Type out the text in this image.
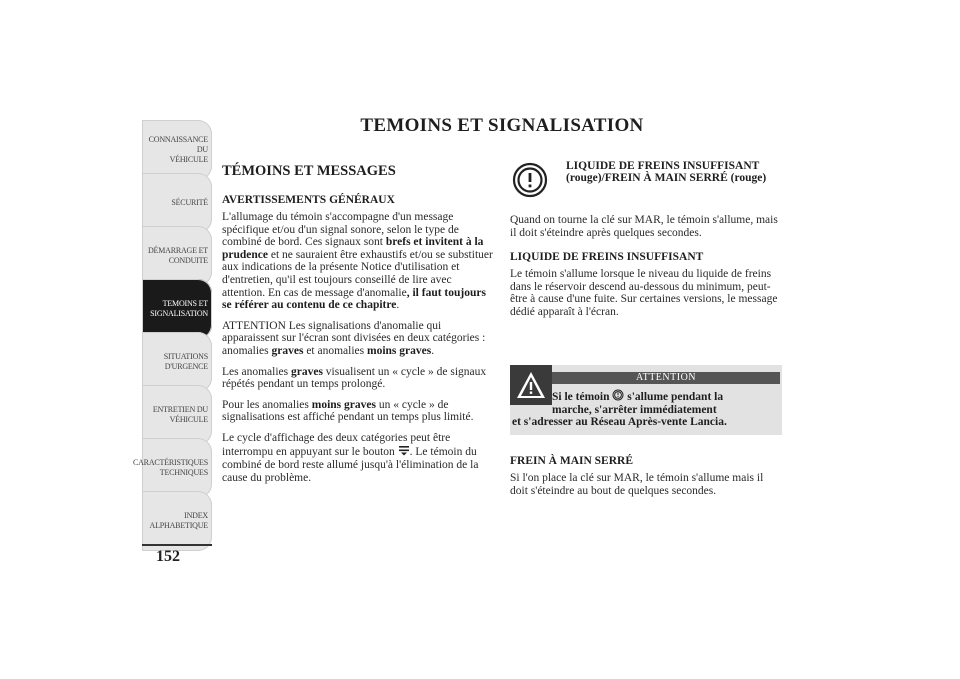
CONNAISSANCE DU
VÉHICULE
SÉCURITÉ
DÉMARRAGE ET
CONDUITE
TEMOINS ET
SIGNALISATION
SITUATIONS
D'URGENCE
ENTRETIEN DU
VÉHICULE
CARACTÉRISTIQUES
TECHNIQUES
INDEX
ALPHABETIQUE
152
TEMOINS ET SIGNALISATION
TÉMOINS ET MESSAGES
AVERTISSEMENTS GÉNÉRAUX

L'allumage du témoin s'accompagne d'un message spécifique et/ou d'un signal sonore, selon le type de combiné de bord. Ces signaux sont brefs et invitent à la prudence et ne sauraient être exhaustifs et/ou se substituer aux indications de la présente Notice d'utilisation et d'entretien, qu'il est toujours conseillé de lire avec attention. En cas de message d'anomalie, il faut toujours se référer au contenu de ce chapitre.

ATTENTION Les signalisations d'anomalie qui apparaissent sur l'écran sont divisées en deux catégories : anomalies graves et anomalies moins graves.

Les anomalies graves visualisent un « cycle » de signaux répétés pendant un temps prolongé.

Pour les anomalies moins graves un « cycle » de signalisations est affiché pendant un temps plus limité.

Le cycle d'affichage des deux catégories peut être interrompu en appuyant sur le bouton . Le témoin du combiné de bord reste allumé jusqu'à l'élimination de la cause du problème.

LIQUIDE DE FREINS INSUFFISANT (rouge)/FREIN À MAIN SERRÉ (rouge)

Quand on tourne la clé sur MAR, le témoin s'allume, mais il doit s'éteindre après quelques secondes.

LIQUIDE DE FREINS INSUFFISANT

Le témoin s'allume lorsque le niveau du liquide de freins dans le réservoir descend au-dessous du minimum, peut-être à cause d'une fuite. Sur certaines versions, le message dédié apparaît à l'écran.

ATTENTION
Si le témoin  s'allume pendant la
marche, s'arrêter immédiatement
et s'adresser au Réseau Après-vente Lancia.
FREIN À MAIN SERRÉ

Si l'on place la clé sur MAR, le témoin s'allume mais il doit s'éteindre au bout de quelques secondes.
